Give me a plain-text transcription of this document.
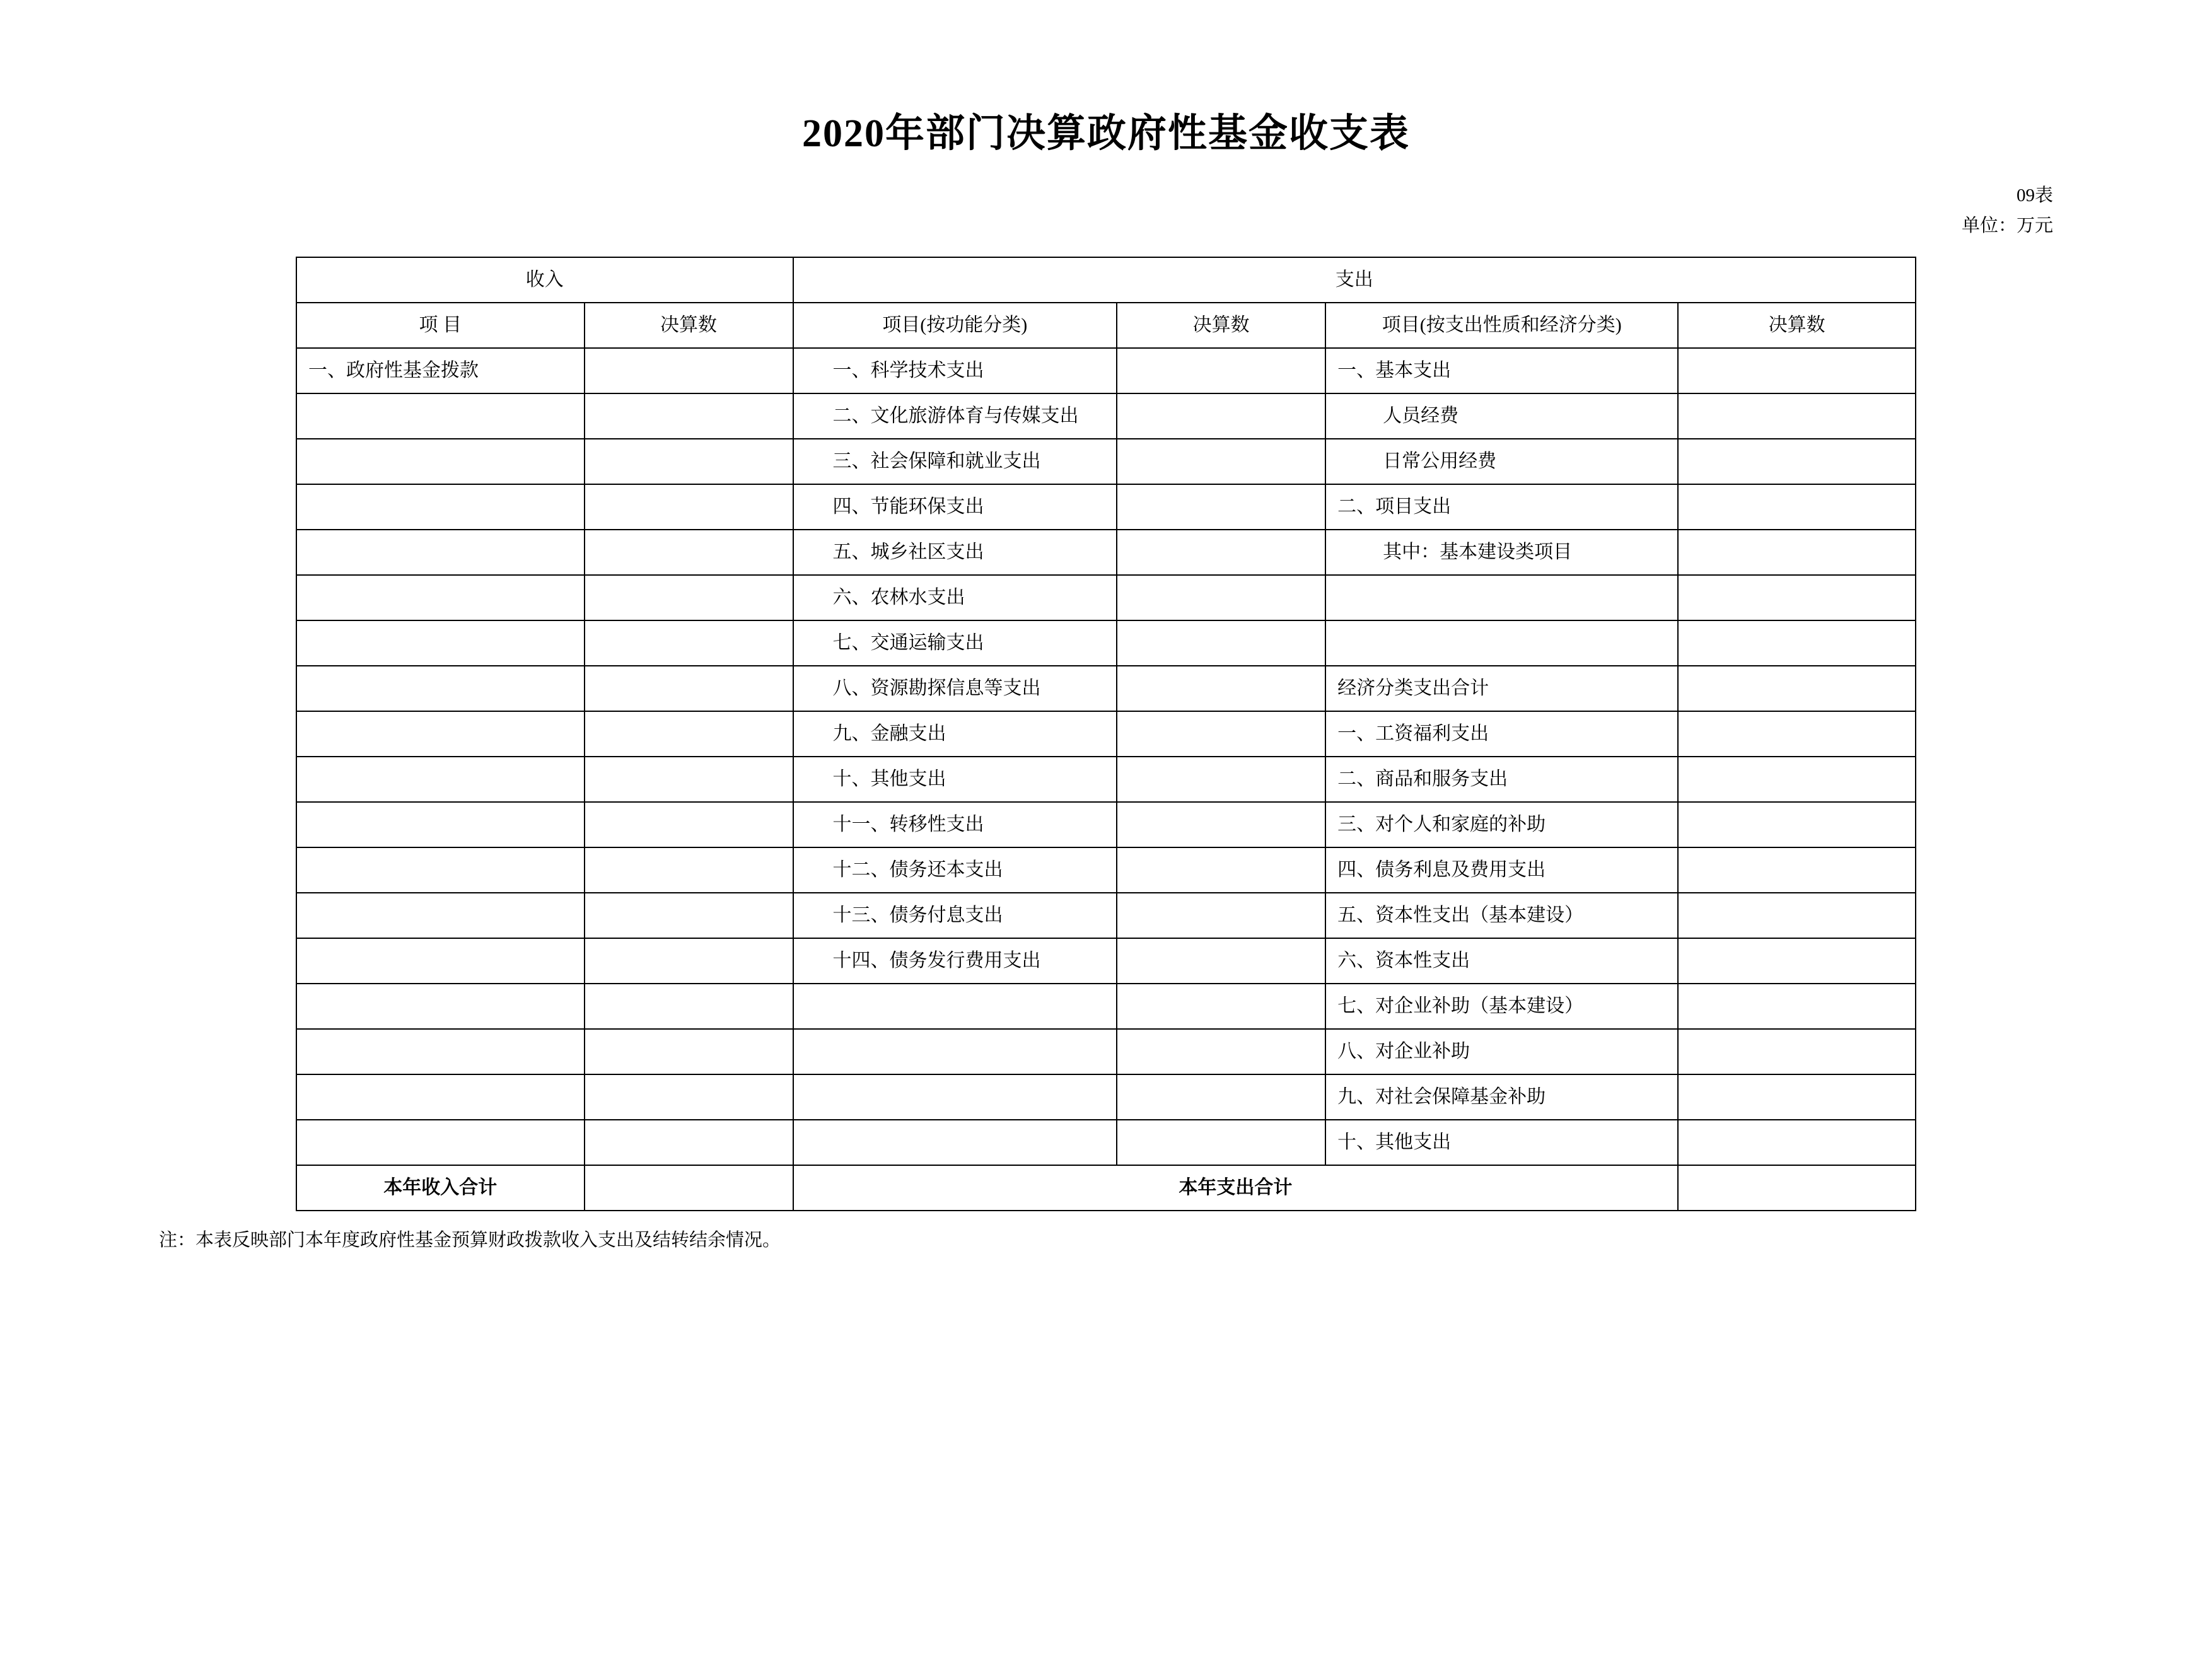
2020年部门决算政府性基金收支表
09表
单位：万元
收入		支出			
项 目	决算数	项目(按功能分类)	决算数	项目(按支出性质和经济分类)	决算数
一、政府性基金拨款		一、科学技术支出		一、基本支出	
		二、文化旅游体育与传媒支出		人员经费	
		三、社会保障和就业支出		日常公用经费	
		四、节能环保支出		二、项目支出	
		五、城乡社区支出		其中：基本建设类项目	
		六、农林水支出			
		七、交通运输支出			
		八、资源勘探信息等支出		经济分类支出合计	
		九、金融支出		一、工资福利支出	
		十、其他支出		二、商品和服务支出	
		十一、转移性支出		三、对个人和家庭的补助	
		十二、债务还本支出		四、债务利息及费用支出	
		十三、债务付息支出		五、资本性支出（基本建设）	
		十四、债务发行费用支出		六、资本性支出	
				七、对企业补助（基本建设）	
				八、对企业补助	
				九、对社会保障基金补助	
				十、其他支出	
本年收入合计		本年支出合计			
注：本表反映部门本年度政府性基金预算财政拨款收入支出及结转结余情况。
